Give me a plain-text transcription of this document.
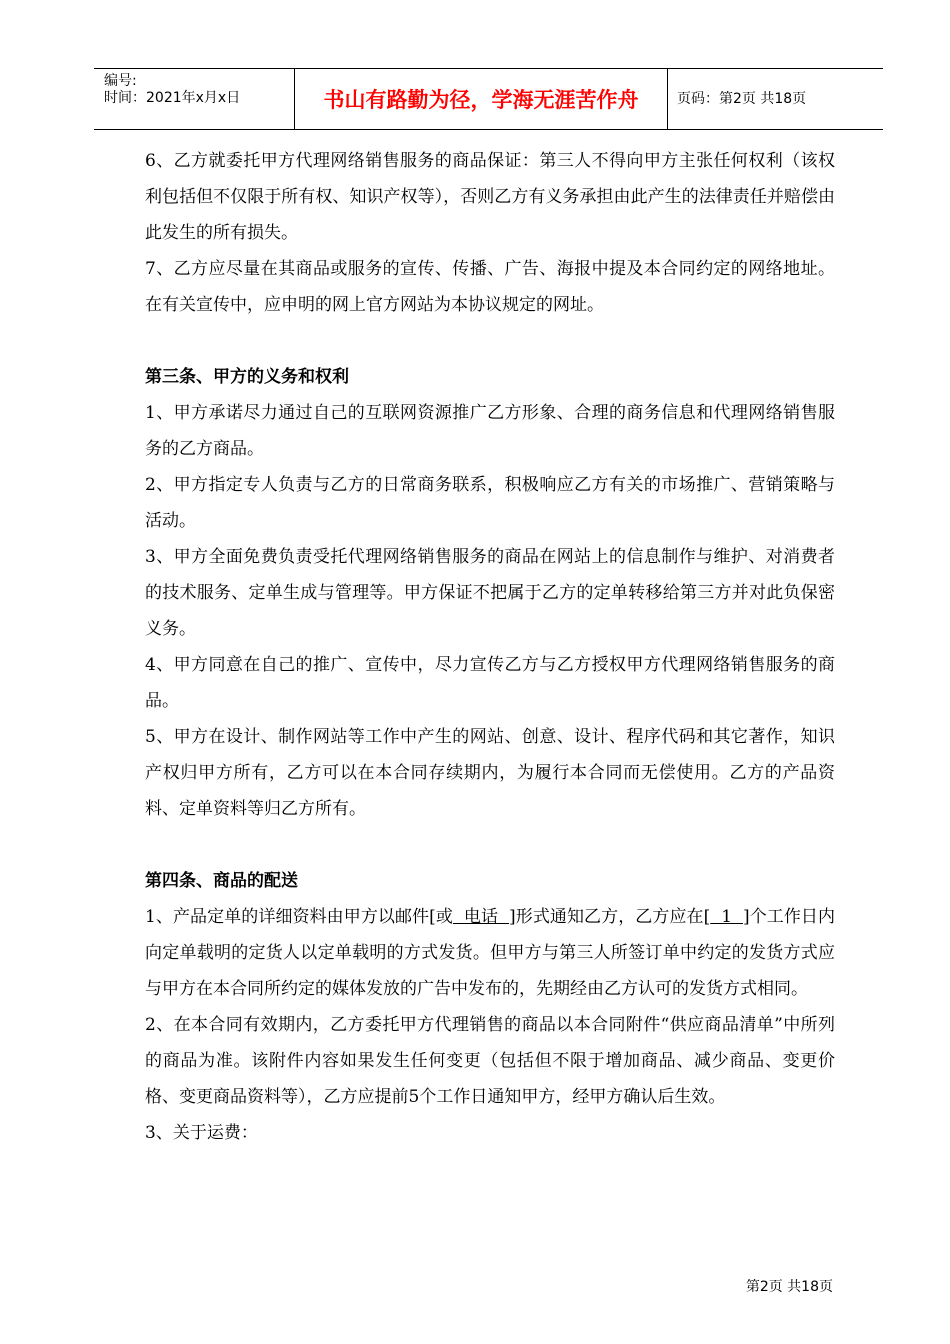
编号:
时间：2021年x月x日	书山有路勤为径，学海无涯苦作舟	页码：第2页 共18页

6、乙方就委托甲方代理网络销售服务的商品保证：第三人不得向甲方主张任何权利（该权利包括但不仅限于所有权、知识产权等），否则乙方有义务承担由此产生的法律责任并赔偿由此发生的所有损失。

7、乙方应尽量在其商品或服务的宣传、传播、广告、海报中提及本合同约定的网络地址。在有关宣传中，应申明的网上官方网站为本协议规定的网址。

第三条、甲方的义务和权利

1、甲方承诺尽力通过自己的互联网资源推广乙方形象、合理的商务信息和代理网络销售服务的乙方商品。

2、甲方指定专人负责与乙方的日常商务联系，积极响应乙方有关的市场推广、营销策略与活动。

3、甲方全面免费负责受托代理网络销售服务的商品在网站上的信息制作与维护、对消费者的技术服务、定单生成与管理等。甲方保证不把属于乙方的定单转移给第三方并对此负保密义务。

4、甲方同意在自己的推广、宣传中，尽力宣传乙方与乙方授权甲方代理网络销售服务的商品。

5、甲方在设计、制作网站等工作中产生的网站、创意、设计、程序代码和其它著作，知识产权归甲方所有，乙方可以在本合同存续期内，为履行本合同而无偿使用。乙方的产品资料、定单资料等归乙方所有。

第四条、商品的配送

1、产品定单的详细资料由甲方以邮件[或  电话  ]形式通知乙方，乙方应在[  1  ]个工作日内向定单载明的定货人以定单载明的方式发货。但甲方与第三人所签订单中约定的发货方式应与甲方在本合同所约定的媒体发放的广告中发布的，先期经由乙方认可的发货方式相同。

2、在本合同有效期内，乙方委托甲方代理销售的商品以本合同附件“供应商品清单”中所列的商品为准。该附件内容如果发生任何变更（包括但不限于增加商品、减少商品、变更价格、变更商品资料等），乙方应提前5个工作日通知甲方，经甲方确认后生效。

3、关于运费：

第2页 共18页
